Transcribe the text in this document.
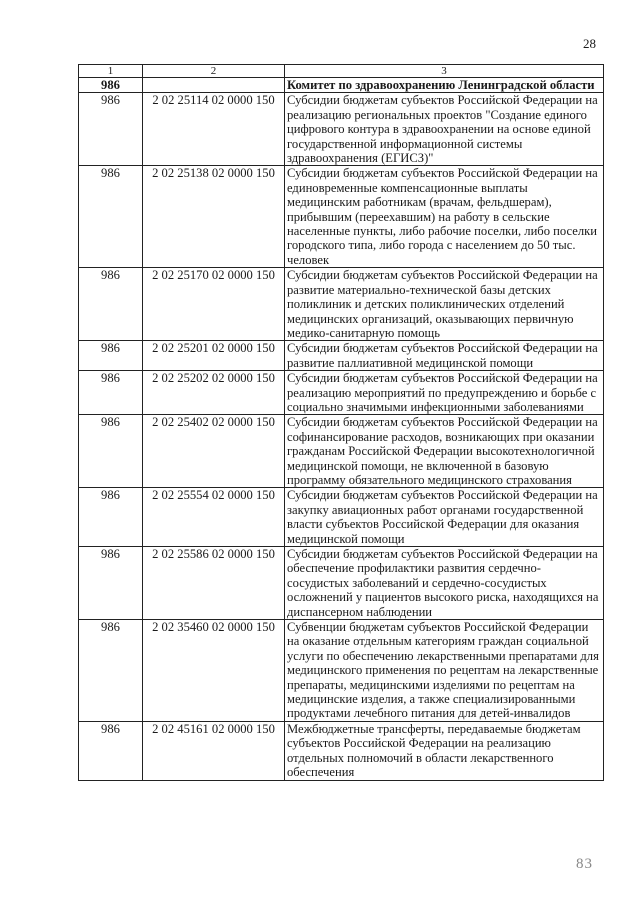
28
1	2	3
986		Комитет по здравоохранению Ленинградской области
986	2 02 25114 02 0000 150	Субсидии бюджетам субъектов Российской Федерации на реализацию региональных проектов "Создание единого цифрового контура в здравоохранении на основе единой государственной информационной системы здравоохранения (ЕГИСЗ)"
986	2 02 25138 02 0000 150	Субсидии бюджетам субъектов Российской Федерации на единовременные компенсационные выплаты медицинским работникам (врачам, фельдшерам), прибывшим (переехавшим) на работу в сельские населенные пункты, либо рабочие поселки, либо поселки городского типа, либо города с населением до 50 тыс. человек
986	2 02 25170 02 0000 150	Субсидии бюджетам субъектов Российской Федерации на развитие материально-технической базы детских поликлиник и детских поликлинических отделений медицинских организаций, оказывающих первичную медико-санитарную помощь
986	2 02 25201 02 0000 150	Субсидии бюджетам субъектов Российской Федерации на развитие паллиативной медицинской помощи
986	2 02 25202 02 0000 150	Субсидии бюджетам субъектов Российской Федерации на реализацию мероприятий по предупреждению и борьбе с социально значимыми инфекционными заболеваниями
986	2 02 25402 02 0000 150	Субсидии бюджетам субъектов Российской Федерации на софинансирование расходов, возникающих при оказании гражданам Российской Федерации высокотехнологичной медицинской помощи, не включенной в базовую программу обязательного медицинского страхования
986	2 02 25554 02 0000 150	Субсидии бюджетам субъектов Российской Федерации на закупку авиационных работ органами государственной власти субъектов Российской Федерации для оказания медицинской помощи
986	2 02 25586 02 0000 150	Субсидии бюджетам субъектов Российской Федерации на обеспечение профилактики развития сердечно-сосудистых заболеваний и сердечно-сосудистых осложнений у пациентов высокого риска, находящихся на диспансерном наблюдении
986	2 02 35460 02 0000 150	Субвенции бюджетам субъектов Российской Федерации на оказание отдельным категориям граждан социальной услуги по обеспечению лекарственными препаратами для медицинского применения по рецептам на лекарственные препараты, медицинскими изделиями по рецептам на медицинские изделия, а также специализированными продуктами лечебного питания для детей-инвалидов
986	2 02 45161 02 0000 150	Межбюджетные трансферты, передаваемые бюджетам субъектов Российской Федерации на реализацию отдельных полномочий в области лекарственного обеспечения
83
